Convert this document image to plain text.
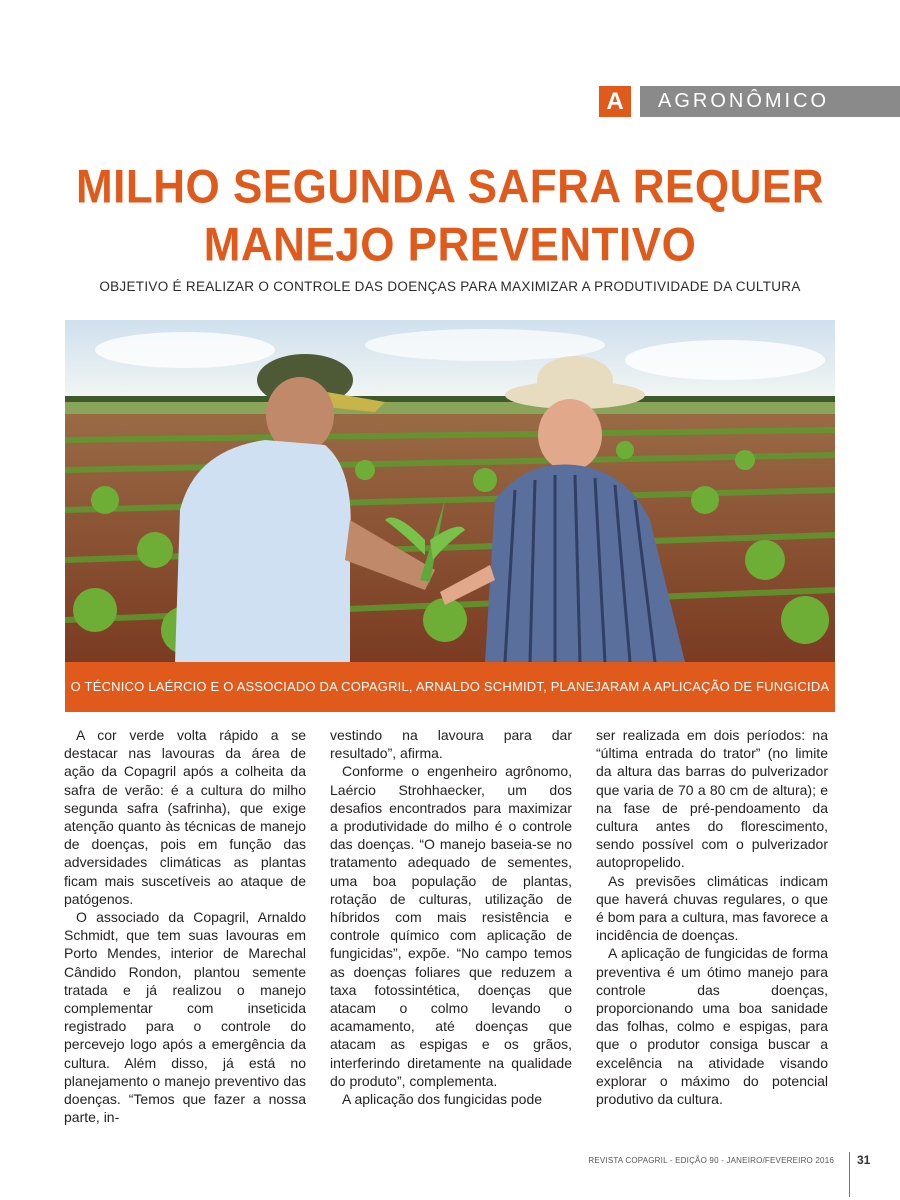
A	AGRONÔMICO
MILHO SEGUNDA SAFRA REQUER
MANEJO PREVENTIVO
OBJETIVO É REALIZAR O CONTROLE DAS DOENÇAS PARA MAXIMIZAR A PRODUTIVIDADE DA CULTURA
O TÉCNICO LAÉRCIO E O ASSOCIADO DA COPAGRIL, ARNALDO SCHMIDT, PLANEJARAM A APLICAÇÃO DE FUNGICIDA

A cor verde volta rápido a se destacar nas lavouras da área de ação da Copagril após a colheita da safra de verão: é a cultura do milho segunda safra (safrinha), que exige atenção quanto às técnicas de manejo de doenças, pois em função das adversidades climáticas as plantas ficam mais suscetíveis ao ataque de patógenos.

O associado da Copagril, Arnaldo Schmidt, que tem suas lavouras em Porto Mendes, interior de Marechal Cândido Rondon, plantou semente tratada e já realizou o manejo complementar com inseticida registrado para o controle do percevejo logo após a emergência da cultura. Além disso, já está no planejamento o manejo preventivo das doenças. “Temos que fazer a nossa parte, in-

vestindo na lavoura para dar resultado”, afirma.

Conforme o engenheiro agrônomo, Laércio Strohhaecker, um dos desafios encontrados para maximizar a produtividade do milho é o controle das doenças. “O manejo baseia-se no tratamento adequado de sementes, uma boa população de plantas, rotação de culturas, utilização de híbridos com mais resistência e controle químico com aplicação de fungicidas”, expõe. “No campo temos as doenças foliares que reduzem a taxa fotossintética, doenças que atacam o colmo levando o acamamento, até doenças que atacam as espigas e os grãos, interferindo diretamente na qualidade do produto”, complementa.

A aplicação dos fungicidas pode

ser realizada em dois períodos: na “última entrada do trator” (no limite da altura das barras do pulverizador que varia de 70 a 80 cm de altura); e na fase de pré-pendoamento da cultura antes do florescimento, sendo possível com o pulverizador autopropelido.

As previsões climáticas indicam que haverá chuvas regulares, o que é bom para a cultura, mas favorece a incidência de doenças.

A aplicação de fungicidas de forma preventiva é um ótimo manejo para controle das doenças, proporcionando uma boa sanidade das folhas, colmo e espigas, para que o produtor consiga buscar a excelência na atividade visando explorar o máximo do potencial produtivo da cultura.

REVISTA COPAGRIL - EDIÇÃO 90 - JANEIRO/FEVEREIRO 2016 31
